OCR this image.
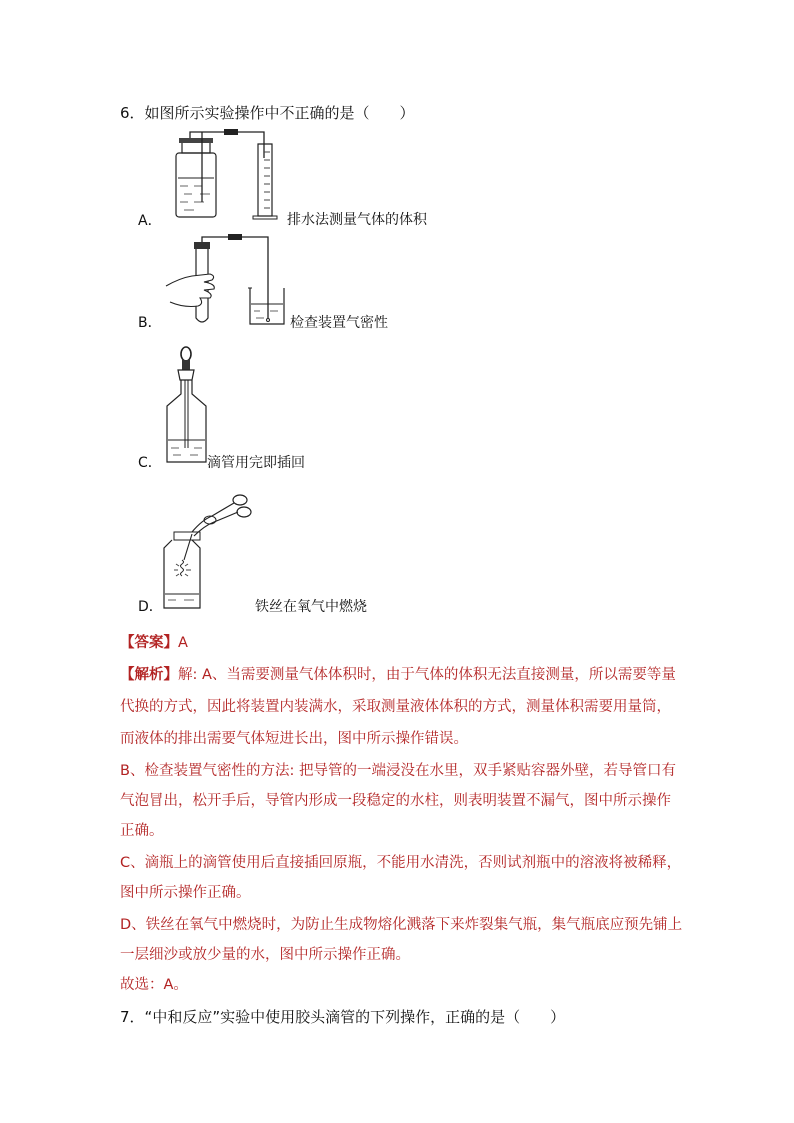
6．如图所示实验操作中不正确的是（　　）
A．	排水法测量气体的体积
B．	检查装置气密性
C．	滴管用完即插回
D．	铁丝在氧气中燃烧
【答案】A
【解析】解: A、当需要测量气体体积时，由于气体的体积无法直接测量，所以需要等量
代换的方式，因此将装置内装满水，采取测量液体体积的方式，测量体积需要用量筒，
而液体的排出需要气体短进长出，图中所示操作错误。
B、检查装置气密性的方法: 把导管的一端浸没在水里，双手紧贴容器外壁，若导管口有
气泡冒出，松开手后，导管内形成一段稳定的水柱，则表明装置不漏气，图中所示操作
正确。
C、滴瓶上的滴管使用后直接插回原瓶，不能用水清洗，否则试剂瓶中的溶液将被稀释，
图中所示操作正确。
D、铁丝在氧气中燃烧时，为防止生成物熔化溅落下来炸裂集气瓶，集气瓶底应预先铺上
一层细沙或放少量的水，图中所示操作正确。
故选：A。
7．“中和反应”实验中使用胶头滴管的下列操作，正确的是（　　）
